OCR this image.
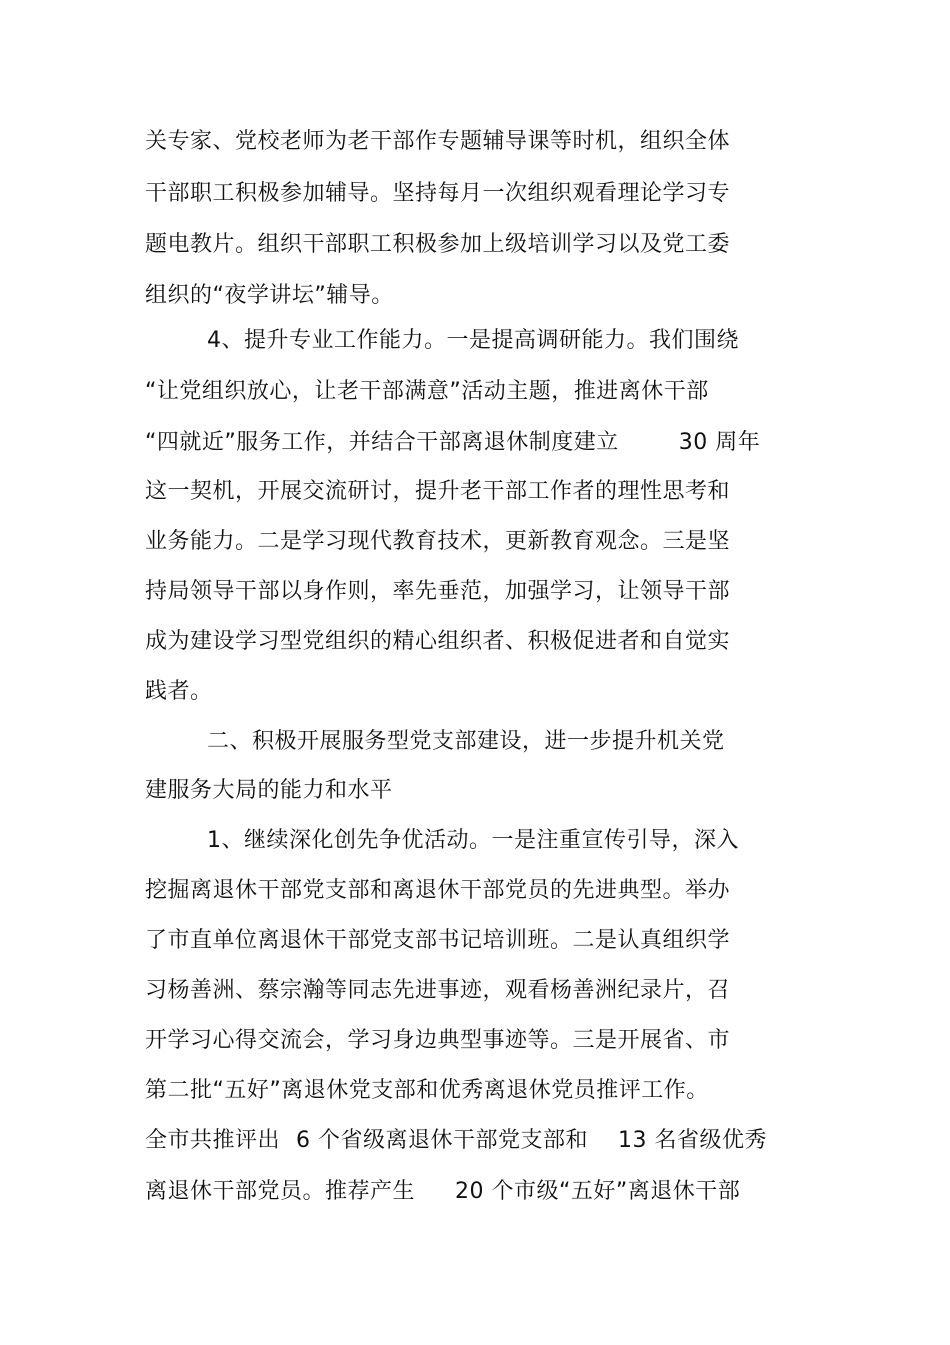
关专家、党校老师为老干部作专题辅导课等时机，组织全体
干部职工积极参加辅导。坚持每月一次组织观看理论学习专
题电教片。组织干部职工积极参加上级培训学习以及党工委
组织的“夜学讲坛”辅导。
4、提升专业工作能力。一是提高调研能力。我们围绕
“让党组织放心，让老干部满意”活动主题，推进离休干部
“四就近”服务工作，并结合干部离退休制度建立	30 周年
这一契机，开展交流研讨，提升老干部工作者的理性思考和
业务能力。二是学习现代教育技术，更新教育观念。三是坚
持局领导干部以身作则，率先垂范，加强学习，让领导干部
成为建设学习型党组织的精心组织者、积极促进者和自觉实
践者。
二、积极开展服务型党支部建设，进一步提升机关党
建服务大局的能力和水平
1、继续深化创先争优活动。一是注重宣传引导，深入
挖掘离退休干部党支部和离退休干部党员的先进典型。举办
了市直单位离退休干部党支部书记培训班。二是认真组织学
习杨善洲、蔡宗瀚等同志先进事迹，观看杨善洲纪录片，召
开学习心得交流会，学习身边典型事迹等。三是开展省、市
第二批“五好”离退休党支部和优秀离退休党员推评工作。
全市共推评出 6 个省级离退休干部党支部和 13 名省级优秀
离退休干部党员。推荐产生 20 个市级“五好”离退休干部
